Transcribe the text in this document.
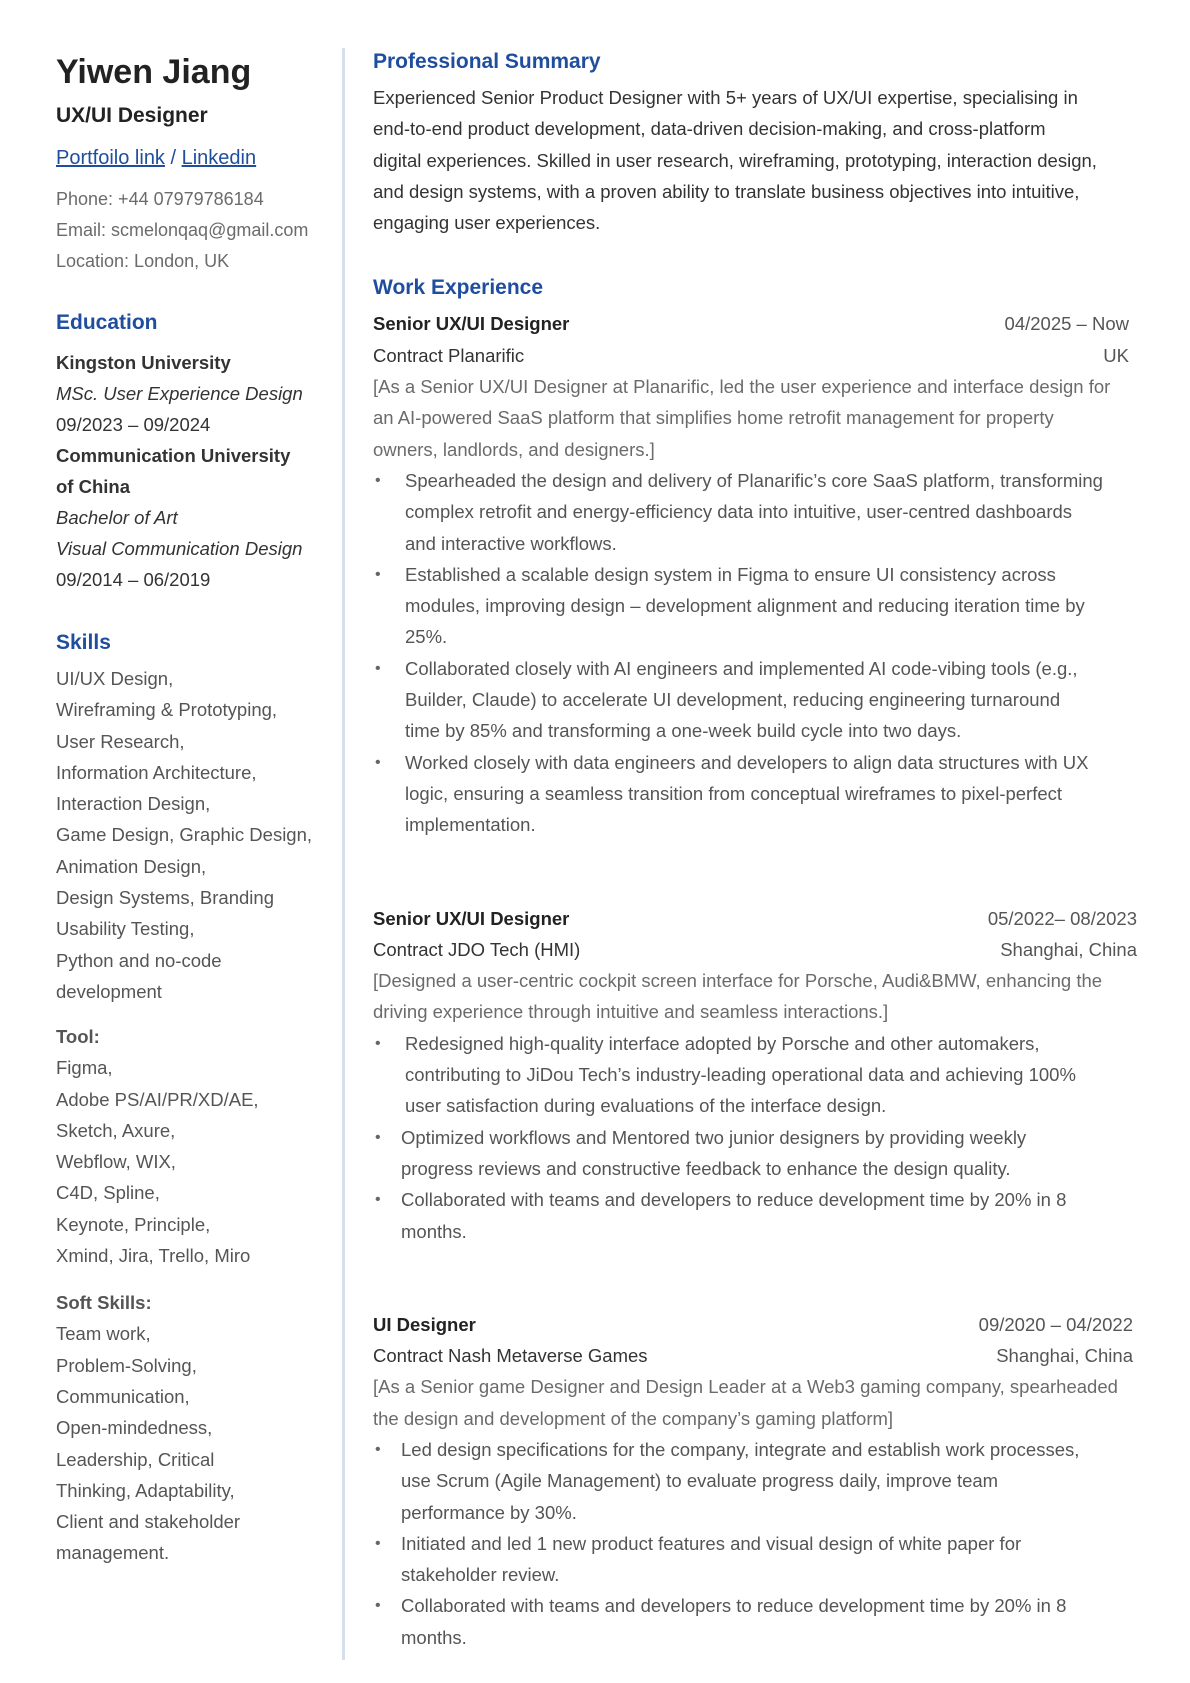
Yiwen Jiang
UX/UI Designer
Portfoilo link / Linkedin
Phone: +44 07979786184
Email: scmelonqaq@gmail.com
Location: London, UK
Education
Kingston University
MSc. User Experience Design
09/2023 – 09/2024
Communication University
of China
Bachelor of Art
Visual Communication Design
09/2014 – 06/2019
Skills
UI/UX Design,
Wireframing & Prototyping,
User Research,
Information Architecture,
Interaction Design,
Game Design, Graphic Design,
Animation Design,
Design Systems, Branding
Usability Testing,
Python and no-code
development
Tool:
Figma,
Adobe PS/AI/PR/XD/AE,
Sketch, Axure,
Webflow, WIX,
C4D, Spline,
Keynote, Principle,
Xmind, Jira, Trello, Miro
Soft Skills:
Team work,
Problem-Solving,
Communication,
Open-mindedness,
Leadership, Critical
Thinking, Adaptability,
Client and stakeholder
management.
Professional Summary
Experienced Senior Product Designer with 5+ years of UX/UI expertise, specialising in
end-to-end product development, data-driven decision-making, and cross-platform
digital experiences. Skilled in user research, wireframing, prototyping, interaction design,
and design systems, with a proven ability to translate business objectives into intuitive,
engaging user experiences.
Work Experience
Senior UX/UI Designer	04/2025 – Now
Contract Planarific	UK
[As a Senior UX/UI Designer at Planarific, led the user experience and interface design for
an AI-powered SaaS platform that simplifies home retrofit management for property
owners, landlords, and designers.]
• Spearheaded the design and delivery of Planarific’s core SaaS platform, transforming
complex retrofit and energy-efficiency data into intuitive, user-centred dashboards
and interactive workflows.
• Established a scalable design system in Figma to ensure UI consistency across
modules, improving design – development alignment and reducing iteration time by
25%.
• Collaborated closely with AI engineers and implemented AI code-vibing tools (e.g.,
Builder, Claude) to accelerate UI development, reducing engineering turnaround
time by 85% and transforming a one-week build cycle into two days.
• Worked closely with data engineers and developers to align data structures with UX
logic, ensuring a seamless transition from conceptual wireframes to pixel-perfect
implementation.
Senior UX/UI Designer	05/2022– 08/2023
Contract JDO Tech (HMI)	Shanghai, China
[Designed a user-centric cockpit screen interface for Porsche, Audi&BMW, enhancing the
driving experience through intuitive and seamless interactions.]
• Redesigned high-quality interface adopted by Porsche and other automakers,
contributing to JiDou Tech’s industry-leading operational data and achieving 100%
user satisfaction during evaluations of the interface design.
• Optimized workflows and Mentored two junior designers by providing weekly
progress reviews and constructive feedback to enhance the design quality.
• Collaborated with teams and developers to reduce development time by 20% in 8
months.
UI Designer	09/2020 – 04/2022
Contract Nash Metaverse Games	Shanghai, China
[As a Senior game Designer and Design Leader at a Web3 gaming company, spearheaded
the design and development of the company’s gaming platform]
• Led design specifications for the company, integrate and establish work processes,
use Scrum (Agile Management) to evaluate progress daily, improve team
performance by 30%.
• Initiated and led 1 new product features and visual design of white paper for
stakeholder review.
• Collaborated with teams and developers to reduce development time by 20% in 8
months.
